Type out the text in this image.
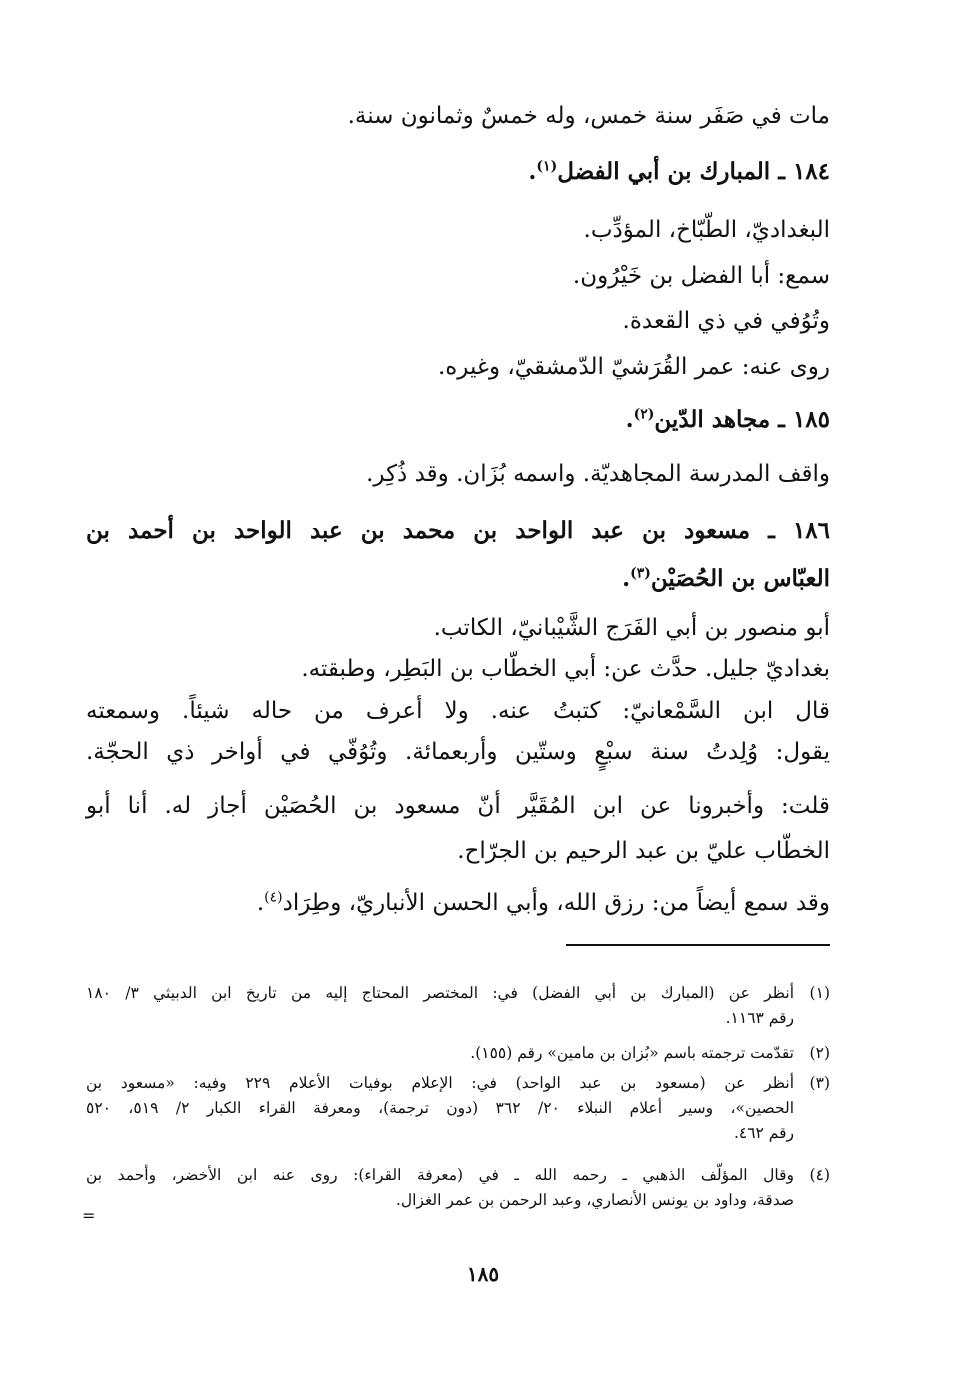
مات في صَفَر سنة خمس، وله خمسٌ وثمانون سنة.
١٨٤ ـ المبارك بن أبي الفضل$^{(١)}$.
البغداديّ، الطّبّاخ، المؤدِّب.
سمع: أبا الفضل بن خَيْرُون.
وتُوُفي في ذي القعدة.
روى عنه: عمر القُرَشيّ الدّمشقيّ، وغيره.
١٨٥ ـ مجاهد الدّين$^{(٢)}$.
واقف المدرسة المجاهديّة. واسمه بُزَان. وقد ذُكِر.
١٨٦ ـ مسعود بن عبد الواحد بن محمد بن عبد الواحد بن أحمد بن
العبّاس بن الحُصَيْن$^{(٣)}$.
أبو منصور بن أبي الفَرَج الشَّيْبانيّ، الكاتب.
بغداديّ جليل. حدَّث عن: أبي الخطّاب بن البَطِر، وطبقته.
قال ابن السَّمْعانيّ: كتبتُ عنه. ولا أعرف من حاله شيئاً. وسمعته
يقول: وُلِدتُ سنة سبْعٍ وستّين وأربعمائة. وتُوُفّي في أواخر ذي الحجّة.
قلت: وأخبرونا عن ابن المُقَيَّر أنّ مسعود بن الحُصَيْن أجاز له. أنا أبو
الخطّاب عليّ بن عبد الرحيم بن الجرّاح.
وقد سمع أيضاً من: رزق الله، وأبي الحسن الأنباريّ، وطِرَاد$^{(٤)}$.
(١)
أنظر عن (المبارك بن أبي الفضل) في: المختصر المحتاج إليه من تاريخ ابن الدبيثي ٣/ ١٨٠
رقم ١١٦٣.
(٢)
تقدّمت ترجمته باسم «بُزان بن مامين» رقم (١٥٥).
(٣)
أنظر عن (مسعود بن عبد الواحد) في: الإعلام بوفيات الأعلام ٢٢٩ وفيه: «مسعود بن
الحصين»، وسير أعلام النبلاء ٢٠/ ٣٦٢ (دون ترجمة)، ومعرفة القراء الكبار ٢/ ٥١٩، ٥٢٠
رقم ٤٦٢.
(٤)
وقال المؤلّف الذهبي ـ رحمه الله ـ في (معرفة القراء): روى عنه ابن الأخضر، وأحمد بن
صدقة، وداود بن يونس الأنصاري، وعبد الرحمن بن عمر الغزال.
=
١٨٥
